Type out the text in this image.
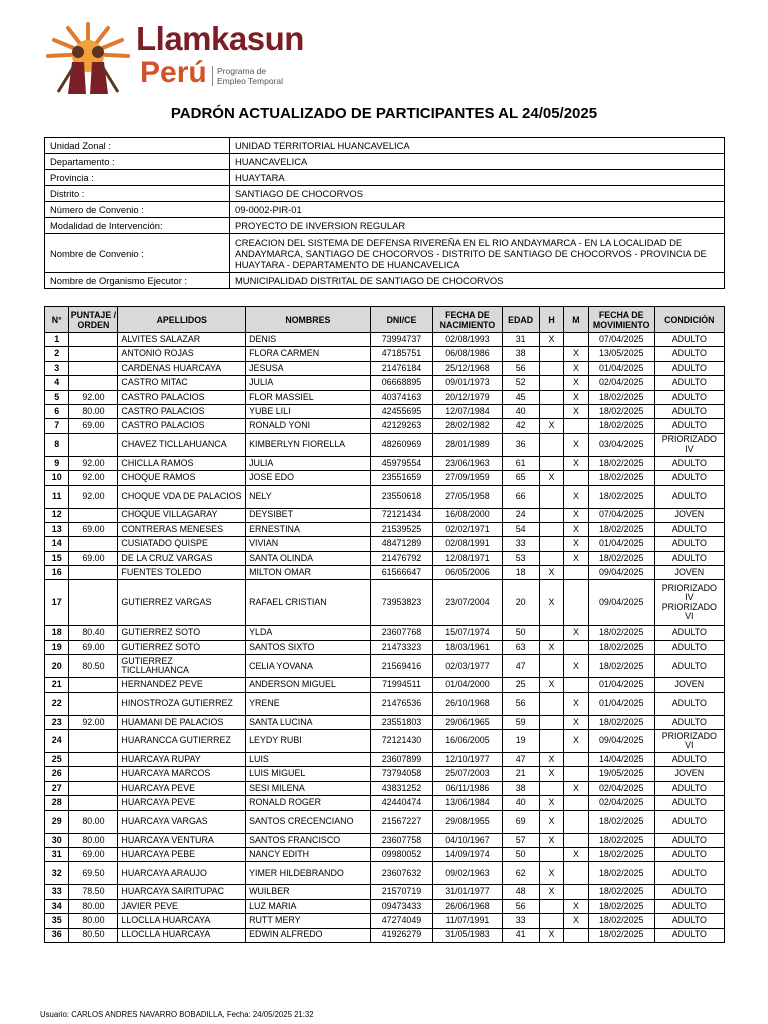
Llamkasun
Perú	Programa de Empleo Temporal
PADRÓN ACTUALIZADO DE PARTICIPANTES AL 24/05/2025
Unidad Zonal :	UNIDAD TERRITORIAL HUANCAVELICA
Departamento :	HUANCAVELICA
Provincia :	HUAYTARA
Distrito :	SANTIAGO DE CHOCORVOS
Número de Convenio :	09-0002-PIR-01
Modalidad de Intervención:	PROYECTO DE INVERSION REGULAR
Nombre de Convenio :	CREACION DEL SISTEMA DE DEFENSA RIVEREÑA EN EL RIO ANDAYMARCA - EN LA LOCALIDAD DE ANDAYMARCA, SANTIAGO DE CHOCORVOS - DISTRITO DE SANTIAGO DE CHOCORVOS - PROVINCIA DE HUAYTARA - DEPARTAMENTO DE HUANCAVELICA
Nombre de Organismo Ejecutor :	MUNICIPALIDAD DISTRITAL DE SANTIAGO DE CHOCORVOS
N°	PUNTAJE / ORDEN	APELLIDOS	NOMBRES	DNI/CE	FECHA DE NACIMIENTO	EDAD	H	M	FECHA DE MOVIMIENTO	CONDICIÓN
1		ALVITES SALAZAR	DENIS	73994737	02/08/1993	31	X		07/04/2025	ADULTO
2		ANTONIO ROJAS	FLORA CARMEN	47185751	06/08/1986	38		X	13/05/2025	ADULTO
3		CARDENAS HUARCAYA	JESUSA	21476184	25/12/1968	56		X	01/04/2025	ADULTO
4		CASTRO MITAC	JULIA	06668895	09/01/1973	52		X	02/04/2025	ADULTO
5	92.00	CASTRO PALACIOS	FLOR MASSIEL	40374163	20/12/1979	45		X	18/02/2025	ADULTO
6	80.00	CASTRO PALACIOS	YUBE LILI	42455695	12/07/1984	40		X	18/02/2025	ADULTO
7	69.00	CASTRO PALACIOS	RONALD YONI	42129263	28/02/1982	42	X		18/02/2025	ADULTO
8		CHAVEZ TICLLAHUANCA	KIMBERLYN FIORELLA	48260969	28/01/1989	36		X	03/04/2025	PRIORIZADO IV
9	92.00	CHICLLA RAMOS	JULIA	45979554	23/06/1963	61		X	18/02/2025	ADULTO
10	92.00	CHOQUE RAMOS	JOSE EDO	23551659	27/09/1959	65	X		18/02/2025	ADULTO
11	92.00	CHOQUE VDA DE PALACIOS	NELY	23550618	27/05/1958	66		X	18/02/2025	ADULTO
12		CHOQUE VILLAGARAY	DEYSIBET	72121434	16/08/2000	24		X	07/04/2025	JOVEN
13	69.00	CONTRERAS MENESES	ERNESTINA	21539525	02/02/1971	54		X	18/02/2025	ADULTO
14		CUSIATADO QUISPE	VIVIAN	48471289	02/08/1991	33		X	01/04/2025	ADULTO
15	69.00	DE LA CRUZ VARGAS	SANTA OLINDA	21476792	12/08/1971	53		X	18/02/2025	ADULTO
16		FUENTES TOLEDO	MILTON OMAR	61566647	06/05/2006	18	X		09/04/2025	JOVEN
17		GUTIERREZ VARGAS	RAFAEL CRISTIAN	73953823	23/07/2004	20	X		09/04/2025	PRIORIZADO IV PRIORIZADO VI
18	80.40	GUTIERREZ SOTO	YLDA	23607768	15/07/1974	50		X	18/02/2025	ADULTO
19	69.00	GUTIERREZ SOTO	SANTOS SIXTO	21473323	18/03/1961	63	X		18/02/2025	ADULTO
20	80.50	GUTIERREZ TICLLAHUANCA	CELIA YOVANA	21569416	02/03/1977	47		X	18/02/2025	ADULTO
21		HERNANDEZ PEVE	ANDERSON MIGUEL	71994511	01/04/2000	25	X		01/04/2025	JOVEN
22		HINOSTROZA GUTIERREZ	YRENE	21476536	26/10/1968	56		X	01/04/2025	ADULTO
23	92.00	HUAMANI DE PALACIOS	SANTA LUCINA	23551803	29/06/1965	59		X	18/02/2025	ADULTO
24		HUARANCCA GUTIERREZ	LEYDY RUBI	72121430	16/06/2005	19		X	09/04/2025	PRIORIZADO VI
25		HUARCAYA RUPAY	LUIS	23607899	12/10/1977	47	X		14/04/2025	ADULTO
26		HUARCAYA MARCOS	LUIS MIGUEL	73794058	25/07/2003	21	X		19/05/2025	JOVEN
27		HUARCAYA PEVE	SESI MILENA	43831252	06/11/1986	38		X	02/04/2025	ADULTO
28		HUARCAYA PEVE	RONALD ROGER	42440474	13/06/1984	40	X		02/04/2025	ADULTO
29	80.00	HUARCAYA VARGAS	SANTOS CRECENCIANO	21567227	29/08/1955	69	X		18/02/2025	ADULTO
30	80.00	HUARCAYA VENTURA	SANTOS FRANCISCO	23607758	04/10/1967	57	X		18/02/2025	ADULTO
31	69.00	HUARCAYA PEBE	NANCY EDITH	09980052	14/09/1974	50		X	18/02/2025	ADULTO
32	69.50	HUARCAYA ARAUJO	YIMER HILDEBRANDO	23607632	09/02/1963	62	X		18/02/2025	ADULTO
33	78.50	HUARCAYA SAIRITUPAC	WUILBER	21570719	31/01/1977	48	X		18/02/2025	ADULTO
34	80.00	JAVIER PEVE	LUZ MARIA	09473433	26/06/1968	56		X	18/02/2025	ADULTO
35	80.00	LLOCLLA HUARCAYA	RUTT MERY	47274049	11/07/1991	33		X	18/02/2025	ADULTO
36	80.50	LLOCLLA HUARCAYA	EDWIN ALFREDO	41926279	31/05/1983	41	X		18/02/2025	ADULTO
Usuario: CARLOS ANDRES NAVARRO BOBADILLA, Fecha: 24/05/2025 21:32
